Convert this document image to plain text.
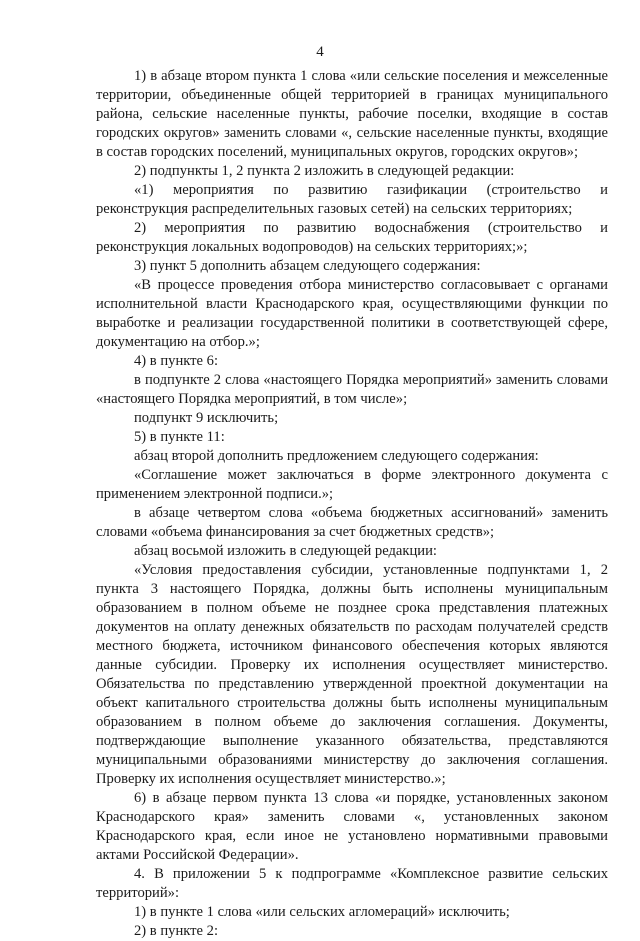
4

1) в абзаце втором пункта 1 слова «или сельские поселения и межселенные территории, объединенные общей территорией в границах муниципального района, сельские населенные пункты, рабочие поселки, входящие в состав городских округов» заменить словами «, сельские населенные пункты, входящие в состав городских поселений, муниципальных округов, городских округов»;

2) подпункты 1, 2 пункта 2 изложить в следующей редакции:

«1) мероприятия по развитию газификации (строительство и реконструкция распределительных газовых сетей) на сельских территориях;

2) мероприятия по развитию водоснабжения (строительство и реконструкция локальных водопроводов) на сельских территориях;»;

3) пункт 5 дополнить абзацем следующего содержания:

«В процессе проведения отбора министерство согласовывает с органами исполнительной власти Краснодарского края, осуществляющими функции по выработке и реализации государственной политики в соответствующей сфере, документацию на отбор.»;

4) в пункте 6:

в подпункте 2 слова «настоящего Порядка мероприятий» заменить словами «настоящего Порядка мероприятий, в том числе»;

подпункт 9 исключить;

5) в пункте 11:

абзац второй дополнить предложением следующего содержания:

«Соглашение может заключаться в форме электронного документа с применением электронной подписи.»;

в абзаце четвертом слова «объема бюджетных ассигнований» заменить словами «объема финансирования за счет бюджетных средств»;

абзац восьмой изложить в следующей редакции:

«Условия предоставления субсидии, установленные подпунктами 1, 2 пункта 3 настоящего Порядка, должны быть исполнены муниципальным образованием в полном объеме не позднее срока представления платежных документов на оплату денежных обязательств по расходам получателей средств местного бюджета, источником финансового обеспечения которых являются данные субсидии. Проверку их исполнения осуществляет министерство. Обязательства по представлению утвержденной проектной документации на объект капитального строительства должны быть исполнены муниципальным образованием в полном объеме до заключения соглашения. Документы, подтверждающие выполнение указанного обязательства, представляются муниципальными образованиями министерству до заключения соглашения. Проверку их исполнения осуществляет министерство.»;

6) в абзаце первом пункта 13 слова «и порядке, установленных законом Краснодарского края» заменить словами «, установленных законом Краснодарского края, если иное не установлено нормативными правовыми актами Российской Федерации».

4. В приложении 5 к подпрограмме «Комплексное развитие сельских территорий»:

1) в пункте 1 слова «или сельских агломераций» исключить;

2) в пункте 2:
